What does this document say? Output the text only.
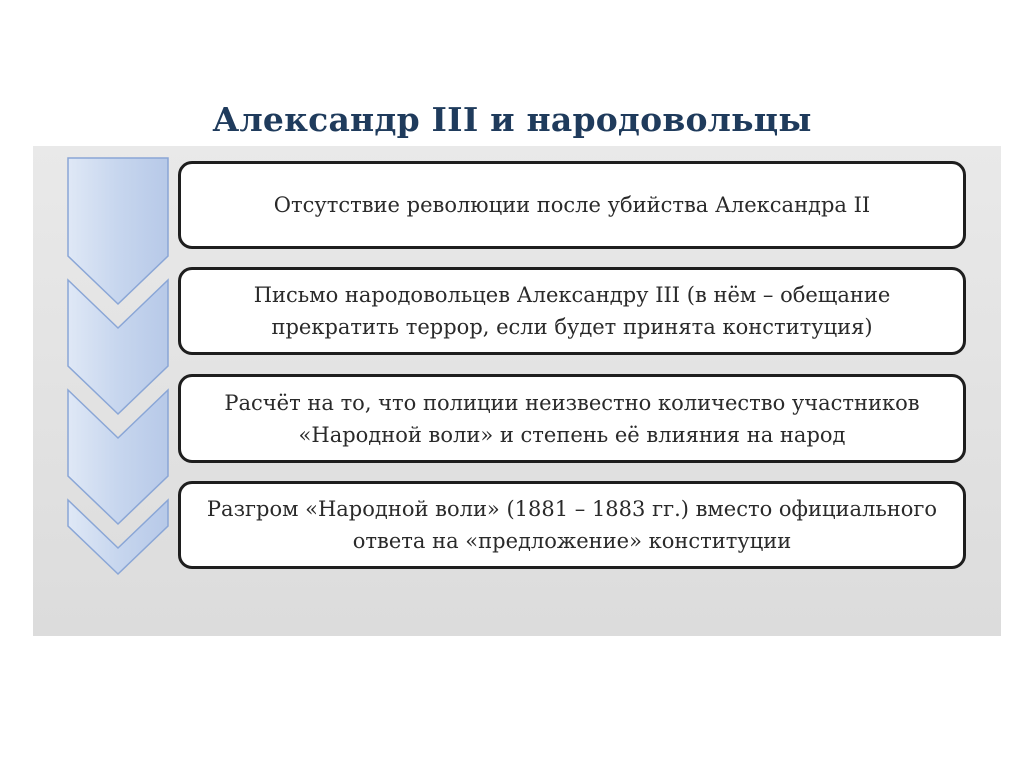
Александр III и народовольцы
Отсутствие революции после убийства Александра II
Письмо народовольцев Александру III (в нём – обещание прекратить террор, если будет принята конституция)
Расчёт на то, что полиции неизвестно количество участников «Народной воли» и степень её влияния на народ
Разгром «Народной воли» (1881 – 1883 гг.) вместо официального ответа на «предложение» конституции
